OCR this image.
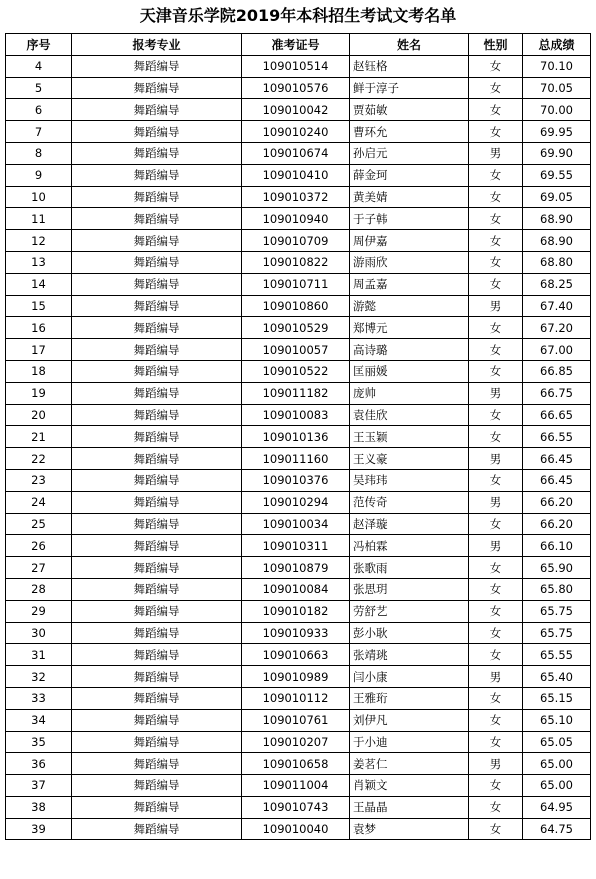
天津音乐学院2019年本科招生考试文考名单
序号	报考专业	准考证号	姓名	性别	总成绩
4	舞蹈编导	109010514	赵钰格	女	70.10
5	舞蹈编导	109010576	鲜于淳子	女	70.05
6	舞蹈编导	109010042	贾茹敏	女	70.00
7	舞蹈编导	109010240	曹环允	女	69.95
8	舞蹈编导	109010674	孙启元	男	69.90
9	舞蹈编导	109010410	薛金珂	女	69.55
10	舞蹈编导	109010372	黄美婧	女	69.05
11	舞蹈编导	109010940	于子韩	女	68.90
12	舞蹈编导	109010709	周伊嘉	女	68.90
13	舞蹈编导	109010822	游雨欣	女	68.80
14	舞蹈编导	109010711	周孟嘉	女	68.25
15	舞蹈编导	109010860	游懿	男	67.40
16	舞蹈编导	109010529	郑博元	女	67.20
17	舞蹈编导	109010057	高诗璐	女	67.00
18	舞蹈编导	109010522	匡丽媛	女	66.85
19	舞蹈编导	109011182	庞帅	男	66.75
20	舞蹈编导	109010083	袁佳欣	女	66.65
21	舞蹈编导	109010136	王玉颖	女	66.55
22	舞蹈编导	109011160	王义豪	男	66.45
23	舞蹈编导	109010376	吴玮玮	女	66.45
24	舞蹈编导	109010294	范传奇	男	66.20
25	舞蹈编导	109010034	赵泽璇	女	66.20
26	舞蹈编导	109010311	冯柏霖	男	66.10
27	舞蹈编导	109010879	张歌雨	女	65.90
28	舞蹈编导	109010084	张思玥	女	65.80
29	舞蹈编导	109010182	劳舒艺	女	65.75
30	舞蹈编导	109010933	彭小耿	女	65.75
31	舞蹈编导	109010663	张靖珧	女	65.55
32	舞蹈编导	109010989	闫小康	男	65.40
33	舞蹈编导	109010112	王雅珩	女	65.15
34	舞蹈编导	109010761	刘伊凡	女	65.10
35	舞蹈编导	109010207	于小迪	女	65.05
36	舞蹈编导	109010658	姜茗仁	男	65.00
37	舞蹈编导	109011004	肖颖文	女	65.00
38	舞蹈编导	109010743	王晶晶	女	64.95
39	舞蹈编导	109010040	袁梦	女	64.75
